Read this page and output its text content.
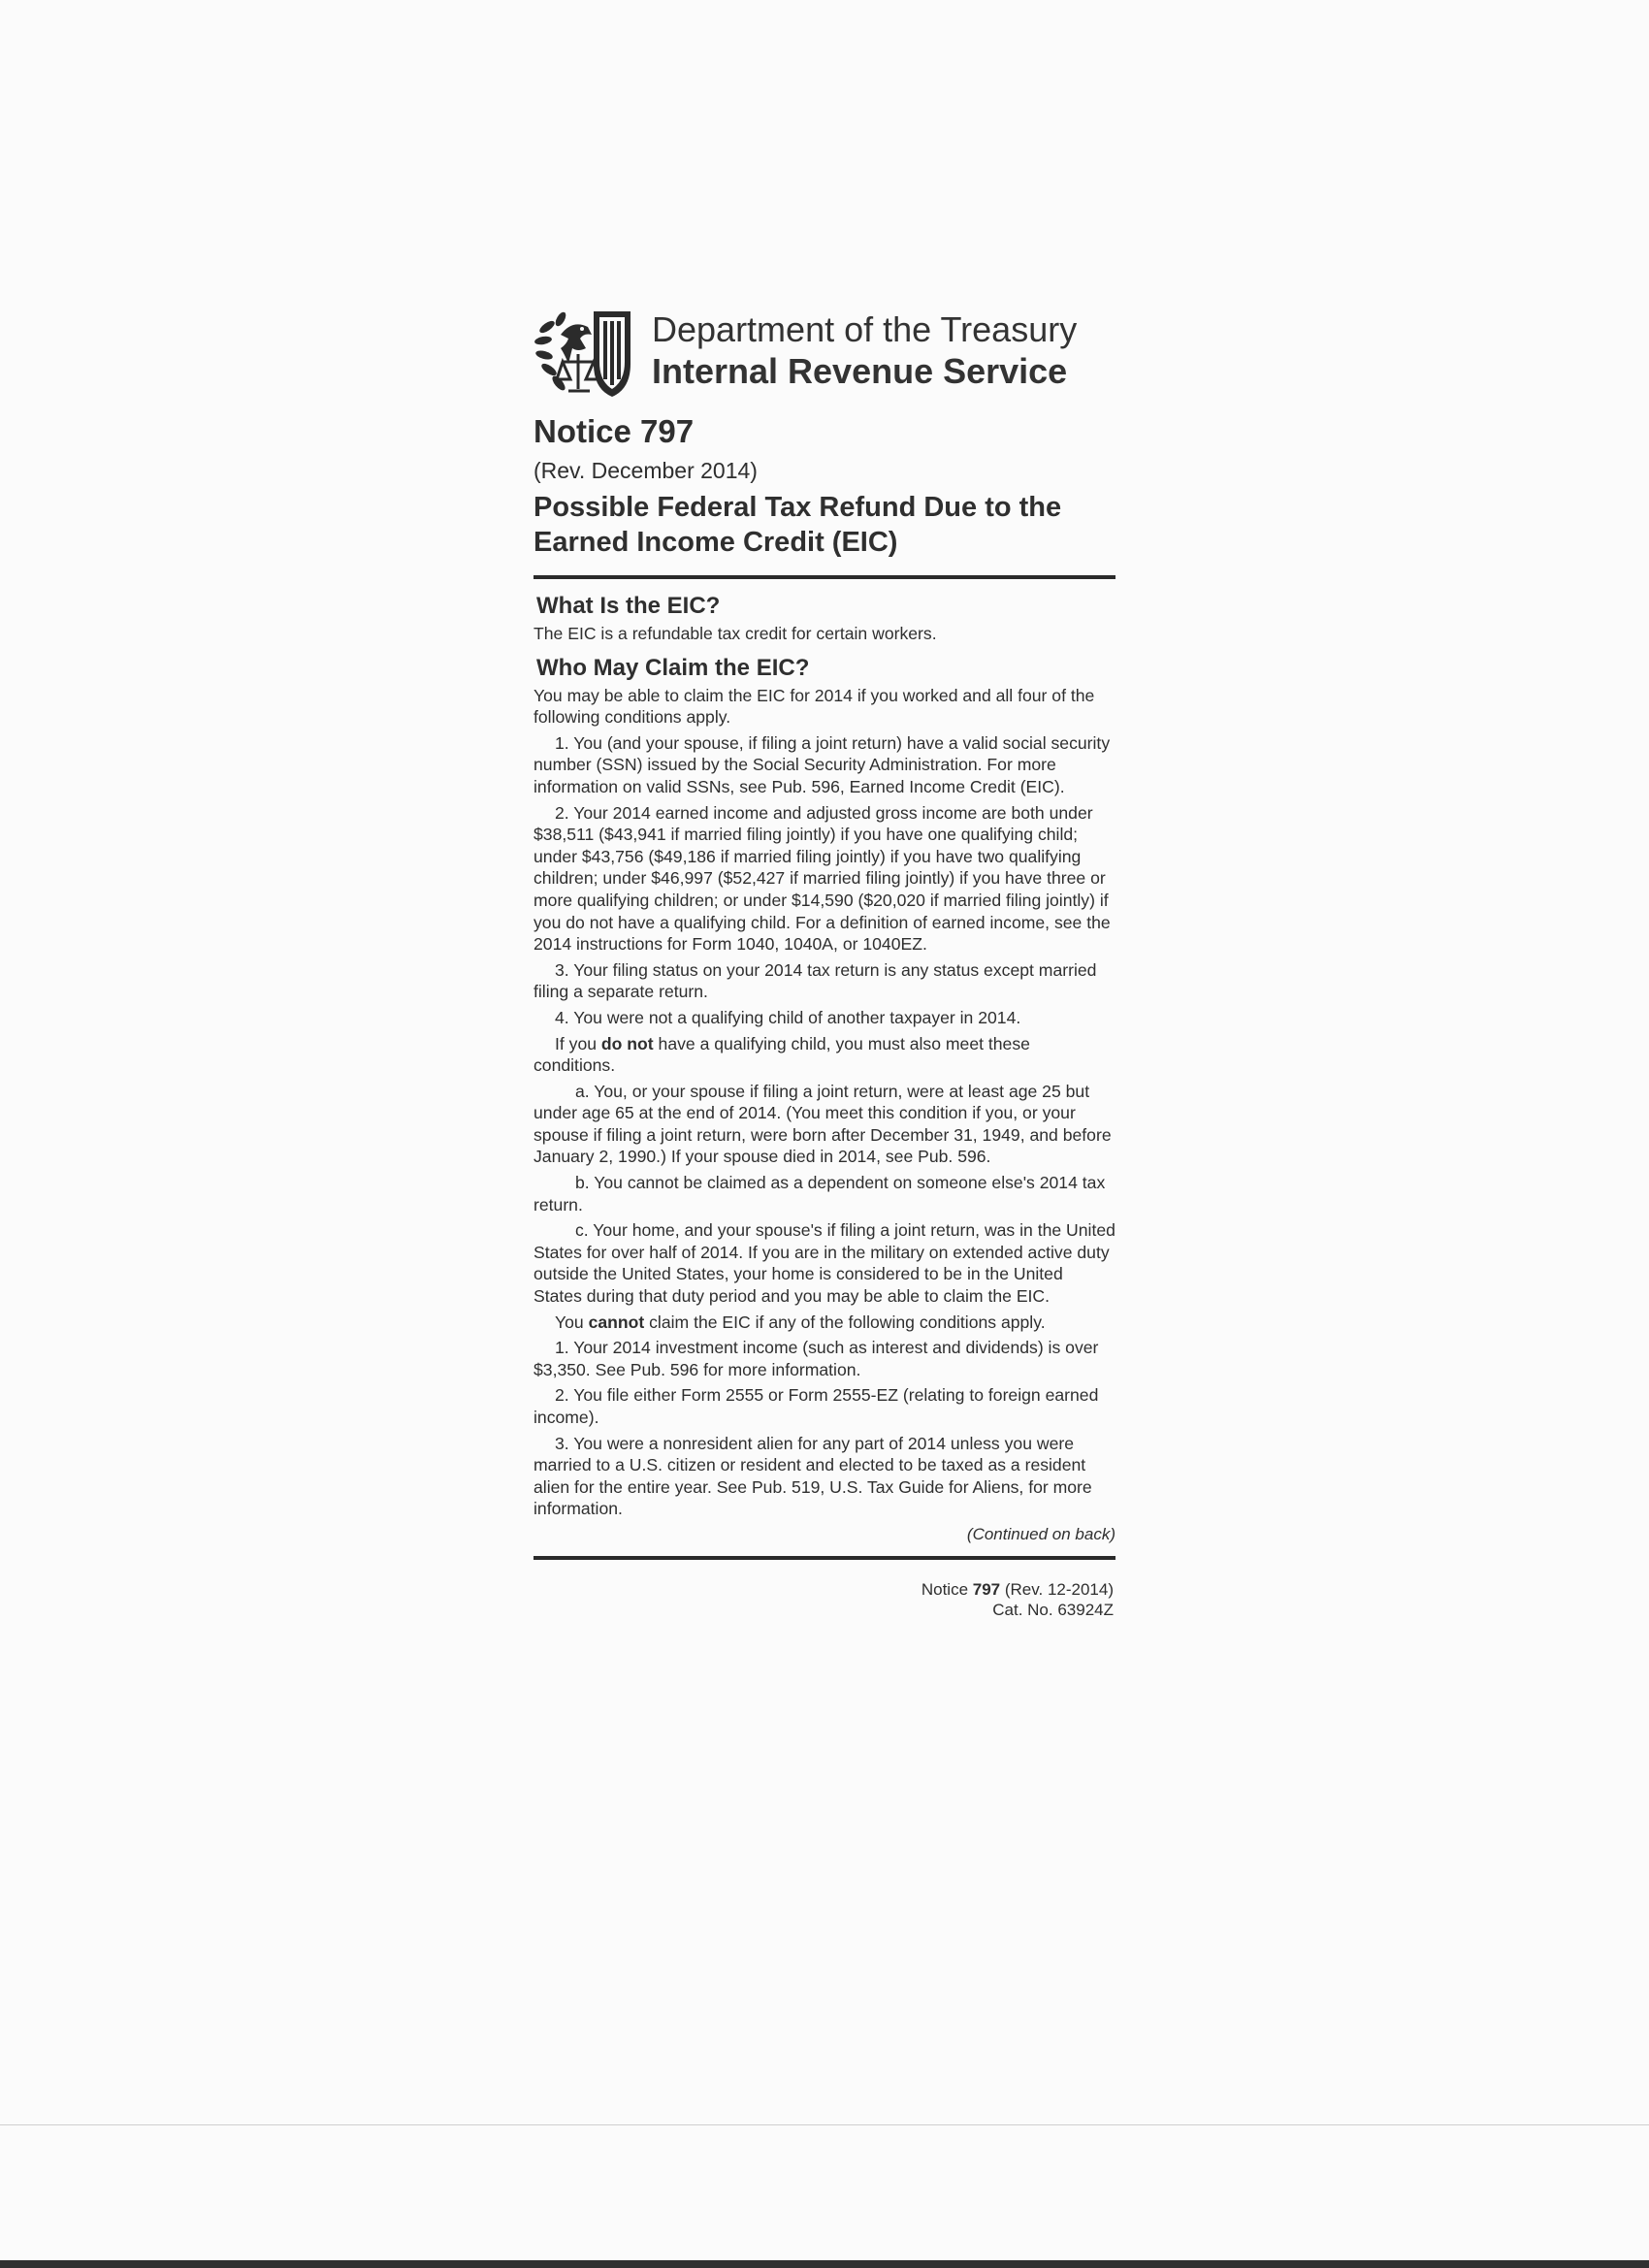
Department of the Treasury
Internal Revenue Service
Notice 797
(Rev. December 2014)
Possible Federal Tax Refund Due to the Earned Income Credit (EIC)
What Is the EIC?

The EIC is a refundable tax credit for certain workers.

Who May Claim the EIC?

You may be able to claim the EIC for 2014 if you worked and all four of the following conditions apply.

1. You (and your spouse, if filing a joint return) have a valid social security number (SSN) issued by the Social Security Administration. For more information on valid SSNs, see Pub. 596, Earned Income Credit (EIC).

2. Your 2014 earned income and adjusted gross income are both under $38,511 ($43,941 if married filing jointly) if you have one qualifying child; under $43,756 ($49,186 if married filing jointly) if you have two qualifying children; under $46,997 ($52,427 if married filing jointly) if you have three or more qualifying children; or under $14,590 ($20,020 if married filing jointly) if you do not have a qualifying child. For a definition of earned income, see the 2014 instructions for Form 1040, 1040A, or 1040EZ.

3. Your filing status on your 2014 tax return is any status except married filing a separate return.

4. You were not a qualifying child of another taxpayer in 2014.

If you do not have a qualifying child, you must also meet these conditions.

a. You, or your spouse if filing a joint return, were at least age 25 but under age 65 at the end of 2014. (You meet this condition if you, or your spouse if filing a joint return, were born after December 31, 1949, and before January 2, 1990.) If your spouse died in 2014, see Pub. 596.

b. You cannot be claimed as a dependent on someone else's 2014 tax return.

c. Your home, and your spouse's if filing a joint return, was in the United States for over half of 2014. If you are in the military on extended active duty outside the United States, your home is considered to be in the United States during that duty period and you may be able to claim the EIC.

You cannot claim the EIC if any of the following conditions apply.

1. Your 2014 investment income (such as interest and dividends) is over $3,350. See Pub. 596 for more information.

2. You file either Form 2555 or Form 2555-EZ (relating to foreign earned income).

3. You were a nonresident alien for any part of 2014 unless you were married to a U.S. citizen or resident and elected to be taxed as a resident alien for the entire year. See Pub. 519, U.S. Tax Guide for Aliens, for more information.

(Continued on back)

Notice 797 (Rev. 12-2014)
Cat. No. 63924Z
